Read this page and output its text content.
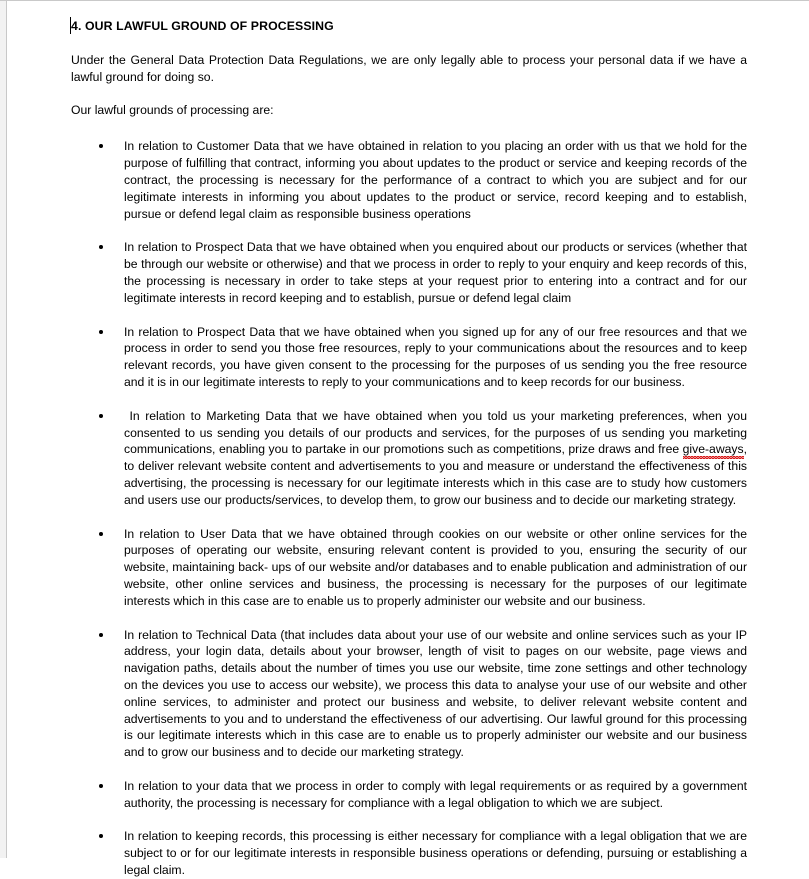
4. OUR LAWFUL GROUND OF PROCESSING

Under the General Data Protection Data Regulations, we are only legally able to process your personal data if we have a lawful ground for doing so.

Our lawful grounds of processing are:

In relation to Customer Data that we have obtained in relation to you placing an order with us that we hold for the purpose of fulfilling that contract, informing you about updates to the product or service and keeping records of the contract, the processing is necessary for the performance of a contract to which you are subject and for our legitimate interests in informing you about updates to the product or service, record keeping and to establish, pursue or defend legal claim as responsible business operations
In relation to Prospect Data that we have obtained when you enquired about our products or services (whether that be through our website or otherwise) and that we process in order to reply to your enquiry and keep records of this, the processing is necessary in order to take steps at your request prior to entering into a contract and for our legitimate interests in record keeping and to establish, pursue or defend legal claim
In relation to Prospect Data that we have obtained when you signed up for any of our free resources and that we process in order to send you those free resources, reply to your communications about the resources and to keep relevant records, you have given consent to the processing for the purposes of us sending you the free resource and it is in our legitimate interests to reply to your communications and to keep records for our business.
In relation to Marketing Data that we have obtained when you told us your marketing preferences, when you consented to us sending you details of our products and services, for the purposes of us sending you marketing communications, enabling you to partake in our promotions such as competitions, prize draws and free give-aways, to deliver relevant website content and advertisements to you and measure or understand the effectiveness of this advertising, the processing is necessary for our legitimate interests which in this case are to study how customers and users use our products/services, to develop them, to grow our business and to decide our marketing strategy.
In relation to User Data that we have obtained through cookies on our website or other online services for the purposes of operating our website, ensuring relevant content is provided to you, ensuring the security of our website, maintaining back- ups of our website and/or databases and to enable publication and administration of our website, other online services and business, the processing is necessary for the purposes of our legitimate interests which in this case are to enable us to properly administer our website and our business.
In relation to Technical Data (that includes data about your use of our website and online services such as your IP address, your login data, details about your browser, length of visit to pages on our website, page views and navigation paths, details about the number of times you use our website, time zone settings and other technology on the devices you use to access our website), we process this data to analyse your use of our website and other online services, to administer and protect our business and website, to deliver relevant website content and advertisements to you and to understand the effectiveness of our advertising. Our lawful ground for this processing is our legitimate interests which in this case are to enable us to properly administer our website and our business and to grow our business and to decide our marketing strategy.
In relation to your data that we process in order to comply with legal requirements or as required by a government authority, the processing is necessary for compliance with a legal obligation to which we are subject.
In relation to keeping records, this processing is either necessary for compliance with a legal obligation that we are subject to or for our legitimate interests in responsible business operations or defending, pursuing or establishing a legal claim.
